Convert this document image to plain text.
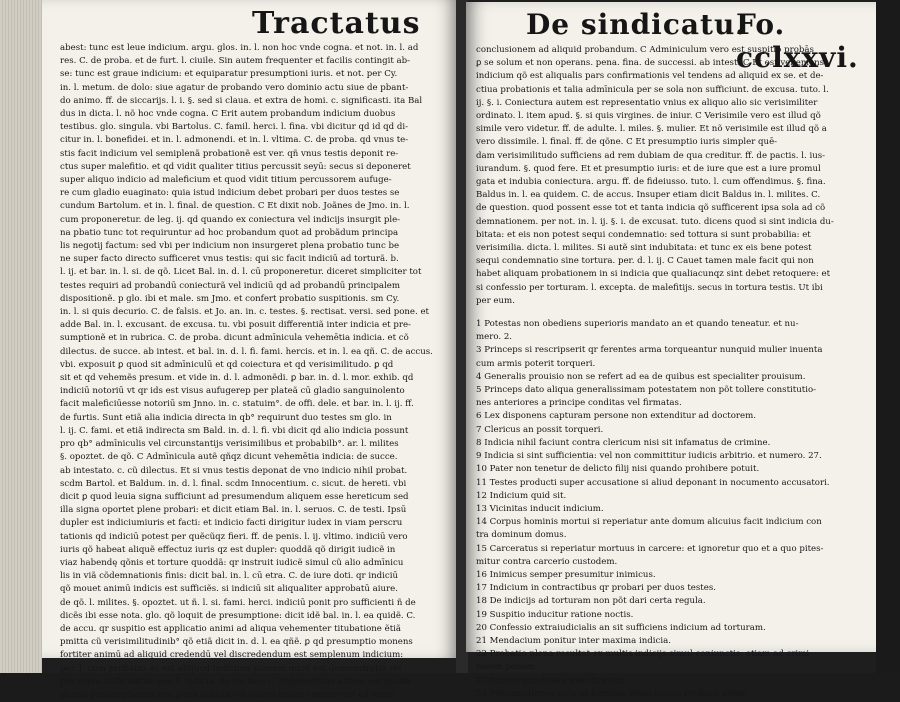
Tractatus
abest: tunc est leue indicium. argu. glos. in. l. non hoc vnde cogna. et not. in. l. ad
res. C. de proba. et de furt. l. ciuile. Sin autem frequenter et facilis contingit ab-
se: tunc est graue indicium: et equiparatur presumptioni iuris. et not. per Cy.
in. l. metum. de dolo: siue agatur de probando vero dominio actu siue de pbant-
do animo. ff. de siccarijs. l. i. §. sed si claua. et extra de homi. c. significasti. ita Bal
dus in dicta. l. nõ hoc vnde cogna. C Erit autem probandum indicium duobus
testibus. glo. singula. vbi Bartolus. C. famil. herci. l. fina. vbi dicitur qd id qd di-
citur in. l. bonefidei. et in. l. admonendi. et in. l. vltima. C. de proba. qd vnus te-
stis facit indicium vel semiplenã probationẽ est ver. qñ vnus testis deponit re-
ctus super malefitio. et qd vidit qualiter titius percussit seyū: secus si deponeret
super aliquo indicio ad maleficium et quod vidit titium percussorem aufuge-
re cum gladio euaginato: quia istud indicium debet probari per duos testes se
cundum Bartolum. et in. l. final. de question. C Et dixit nob. Joãnes de Jmo. in. l.
cum proponeretur. de leg. ij. qd quando ex coniectura vel indicijs insurgit ple-
na pbatio tunc tot requiruntur ad hoc probandum quot ad probãdum principa
lis negotij factum: sed vbi per indicium non insurgeret plena probatio tunc be
ne super facto directo sufficeret vnus testis: qui sic facit indiciū ad torturã. b.
l. ij. et bar. in. l. si. de qõ. Licet Bal. in. d. l. cū proponeretur. diceret simpliciter tot
testes requiri ad probandū coniecturã vel indiciū qd ad probandū principalem
dispositionẽ. p glo. ibi et male. sm Jmo. et confert probatio suspitionis. sm Cy.
in. l. si quis decurio. C. de falsis. et Jo. an. in. c. testes. §. rectisat. versi. sed pone. et
adde Bal. in. l. excusant. de excusa. tu. vbi posuit differentiã inter indicia et pre-
sumptionẽ et in rubrica. C. de proba. dicunt admīnicula vehemētia indicia. et cõ
dilectus. de succe. ab intest. et bal. in. d. l. fi. fami. hercis. et in. l. ea qñ. C. de accus.
vbi. exposuit ꝑ quod sit admīniculū et qd coiectura et qd verisimilitudo. ꝑ qd
sit et qd vehemẽs presum. et vide in. d. l. admonẽdi. ꝑ bar. in. d. l. mor. exhib. qd
indiciū notoriū vt qr ids est visus aufugerep per plateã cū gladio sanguinolento
facit maleficiūesse notoriū sm Jnno. in. c. statuim°. de offi. dele. et bar. in. l. ij. ff.
de furtis. Sunt etiã alia indicia directa in qb° requirunt duo testes sm glo. in
l. ij. C. fami. et etiã indirecta sm Bald. in. d. l. fi. vbi dicit qd alio indicia possunt
pro qb° admīniculis vel circunstantijs verisimilibus et probabilb°. ar. l. milites
§. opoztet. de qõ. C Admīnicula autẽ qñqz dicunt vehemētia indicia: de succe.
ab intestato. c. cũ dilectus. Et si vnus testis deponat de vno indicio nihil probat.
scdm Bartol. et Baldum. in. d. l. final. scdm Innocentium. c. sicut. de hereti. vbi
dicit ꝑ quod leuia signa sufficiunt ad presumendum aliquem esse hereticum sed
illa signa oportet plene probari: et dicit etiam Bal. in. l. seruos. C. de testi. Ipsū
dupler est indiciumiuris et facti: et indicio facti dirigitur iudex in viam perscru
tationis qd indiciū potest per quẽcũqz fieri. ff. de penis. l. ij. vltimo. indiciū vero
iuris qõ habeat aliquẽ effectuz iuris qz est dupler: quoddã qõ dirigit iudicẽ in
viaz habendę qõnis et torture quoddã: qr instruit iudicẽ simul cũ alio admīnicu
lis in viã cõdemnationis finis: dicit bal. in. l. cū etra. C. de iure doti. qr indiciū
qõ mouet animū indicis est sufficiẽs. si indiciū sit aliqualiter approbatū aiure.
de qõ. l. milites. §. opoztet. ut ñ. l. si. fami. herci. indiciū ponit pro sufficienti ñ de
dicẽs ibi esse nota. glo. qõ loquit de presumptione: dicit idẽ bal. in. l. ea quidẽ. C.
de accu. qr suspitio est applicatio animi ad aliqua vehementer titubatione ẽtiã
pmitta cũ verisimilitudinib° qõ etiã dicit in. d. l. ea qñẽ. ꝑ qd presumptio monens
fortiter animū ad aliquid credendū vel discredendum est semplenum indicium:
per. l. cum probatio. et est aliquod indicium planum quod est demonstratio rei
per signa sufficientia: per. l. indicia. de rei ven. C Argumentum autem est quādo
plures presumptiones seu plura indicia vel plures testes concurrunt ad vnam
De sindicatu.
Fo. cclxxvi.
conclusionem ad aliquid probandum. C Adminiculum vero est suspitio probās
ꝑ se solum et non operans. pena. fina. de successi. ab intest. C Et est vehemens
indicium qõ est aliqualis pars confirmationis vel tendens ad aliquid ex se. et de-
ctiua probationis et talia admīnicula per se sola non sufficiunt. de excusa. tuto. l.
ij. §. i. Coniectura autem est representatio vnius ex aliquo alio sic verisimiliter
ordinato. l. item apud. §. si quis virgines. de iniur. C Verisimile vero est illud qõ
simile vero videtur. ff. de adulte. l. miles. §. mulier. Et nõ verisimile est illud qõ a
vero dissimile. l. final. ff. de qõne. C Et presumptio iuris simpler quē-
dam verisimilitudo sufficiens ad rem dubiam de qua creditur. ff. de pactis. l. ius-
iurandum. §. quod fere. Et et presumptio iuris: et de iure que est a iure promul
gata et indubia coniectura. argu. ff. de fideiusso. tuto. l. cum offendimus. §. fina.
Baldus in. l. ea quidem. C. de accus. Insuper etiam dicit Baldus in. l. milites. C.
de question. quod possent esse tot et tanta indicia qõ sufficerent ipsa sola ad cõ
demnationem. per not. in. l. ij. §. i. de excusat. tuto. dicens quod si sint indicia du-
bitata: et eis non potest sequi condemnatio: sed tottura si sunt probabilia: et
verisimilia. dicta. l. milites. Si autẽ sint indubitata: et tunc ex eis bene potest
sequi condemnatio sine tortura. per. d. l. ij. C Cauet tamen male facit qui non
habet aliquam probationem in si indicia que qualiacunqz sint debet retoquere: et
si confessio per torturam. l. excepta. de malefitijs. secus in tortura testis. Ut ibi
per eum.
1 Potestas non obediens superioris mandato an et quando teneatur. et nu-
mero. 2.
3 Princeps si rescripserit qr ferentes arma torqueantur nunquid mulier inuenta
cum armis poterit torqueri.
4 Generalis prouisio non se refert ad ea de quibus est specialiter prouisum.
5 Princeps dato aliqua generalissimam potestatem non põt tollere constitutio-
nes anteriores a principe conditas vel firmatas.
6 Lex disponens capturam persone non extenditur ad doctorem.
7 Clericus an possit torqueri.
8 Indicia nihil faciunt contra clericum nisi sit infamatus de crimine.
9 Indicia si sint sufficientia: vel non committitur iudicis arbitrio. et numero. 27.
10 Pater non tenetur de delicto filij nisi quando prohibere potuit.
11 Testes producti super accusatione si aliud deponant in nocumento accusatori.
12 Indicium quid sit.
13 Vicinitas inducit indicium.
14 Corpus hominis mortui si reperiatur ante domum alicuius facit indicium con
tra dominum domus.
15 Carceratus si reperiatur mortuus in carcere: et ignoretur quo et a quo pites-
mitur contra carcerio custodem.
16 Inimicus semper presumitur inimicus.
17 Indicium in contractibus qr probari per duos testes.
18 De indicijs ad torturam non põt dari certa regula.
19 Suspitio inducitur ratione noctis.
20 Confessio extraiudicialis an sit sufficiens indicium ad torturam.
21 Mendacium ponitur inter maxima indicia.
22 Probatio plena resultat ex multis indicijs simul coniunctis: etiam ad crimi-
nalem penam.
23 Indicia indubitata que dicantur.
24 Presumptiones iuris et hominis simul iuncte probant plene.
